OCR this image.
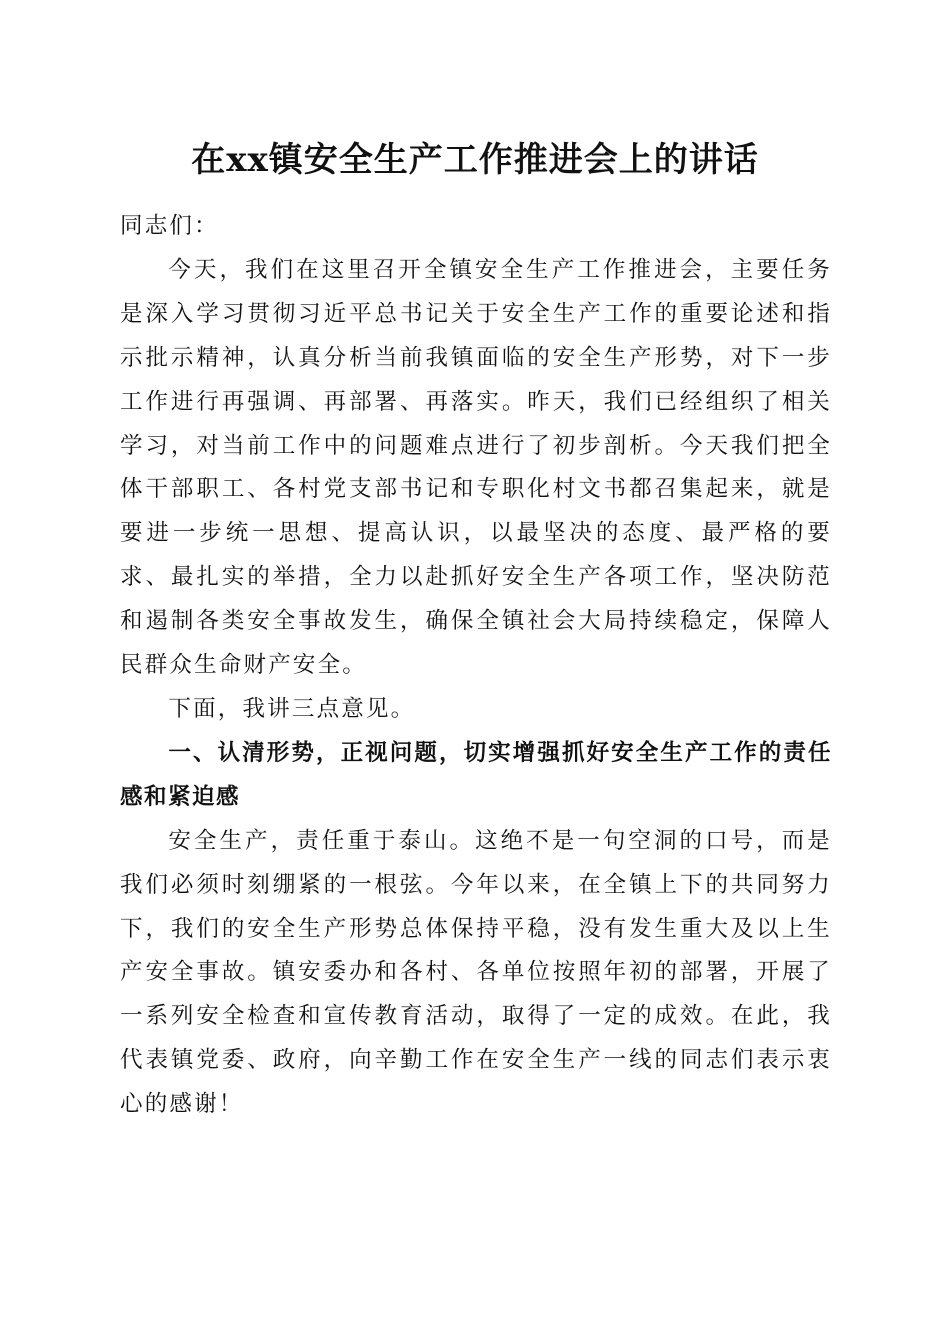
在xx镇安全生产工作推进会上的讲话

同志们：

今天，我们在这里召开全镇安全生产工作推进会，主要任务是深入学习贯彻习近平总书记关于安全生产工作的重要论述和指示批示精神，认真分析当前我镇面临的安全生产形势，对下一步工作进行再强调、再部署、再落实。昨天，我们已经组织了相关学习，对当前工作中的问题难点进行了初步剖析。今天我们把全体干部职工、各村党支部书记和专职化村文书都召集起来，就是要进一步统一思想、提高认识，以最坚决的态度、最严格的要求、最扎实的举措，全力以赴抓好安全生产各项工作，坚决防范和遏制各类安全事故发生，确保全镇社会大局持续稳定，保障人民群众生命财产安全。

下面，我讲三点意见。

一、认清形势，正视问题，切实增强抓好安全生产工作的责任感和紧迫感

安全生产，责任重于泰山。这绝不是一句空洞的口号，而是我们必须时刻绷紧的一根弦。今年以来，在全镇上下的共同努力下，我们的安全生产形势总体保持平稳，没有发生重大及以上生产安全事故。镇安委办和各村、各单位按照年初的部署，开展了一系列安全检查和宣传教育活动，取得了一定的成效。在此，我代表镇党委、政府，向辛勤工作在安全生产一线的同志们表示衷心的感谢！
